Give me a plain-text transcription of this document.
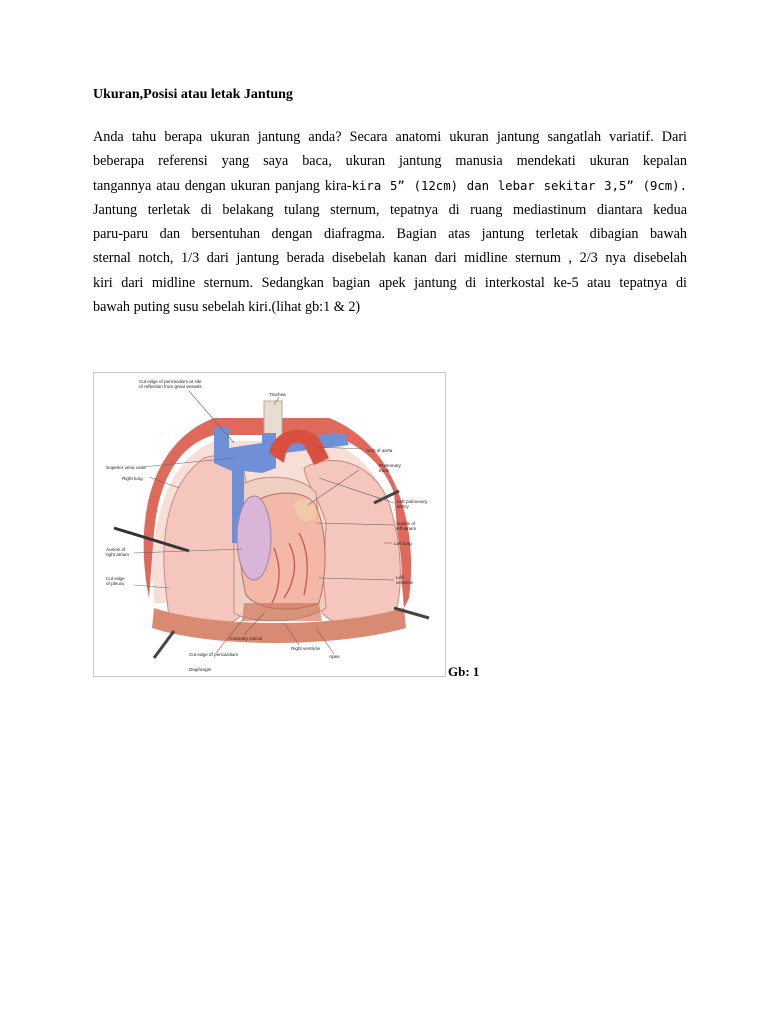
Ukuran,Posisi atau letak Jantung
Anda tahu berapa ukuran jantung anda? Secara anatomi ukuran jantung sangatlah variatif. Dari
beberapa referensi yang saya baca, ukuran jantung manusia mendekati ukuran kepalan
tangannya atau dengan ukuran panjang kira-kira 5” (12cm) dan lebar sekitar 3,5” (9cm).
Jantung terletak di belakang tulang sternum, tepatnya di ruang mediastinum diantara kedua
paru-paru dan bersentuhan dengan diafragma. Bagian atas jantung terletak dibagian bawah
sternal notch, 1/3 dari jantung berada disebelah kanan dari midline sternum , 2/3 nya disebelah
kiri dari midline sternum. Sedangkan bagian apek jantung di interkostal ke-5 atau tepatnya di
bawah puting susu sebelah kiri.(lihat gb:1 & 2)
Cut edge of pericardium at site
of reflection from great vessels
Trachea
Arch of aorta
Superior vena cava	Pulmonary
trunk
Right lung
Left pulmonary
artery
Auricle of
left atrium
Left lung
Auricle of
right atrium
Cut edge
of pleura
Left
ventricle
Coronary sulcus
Cut edge of pericardium
Right ventricle
Apex
Diaphragm	Gb: 1
